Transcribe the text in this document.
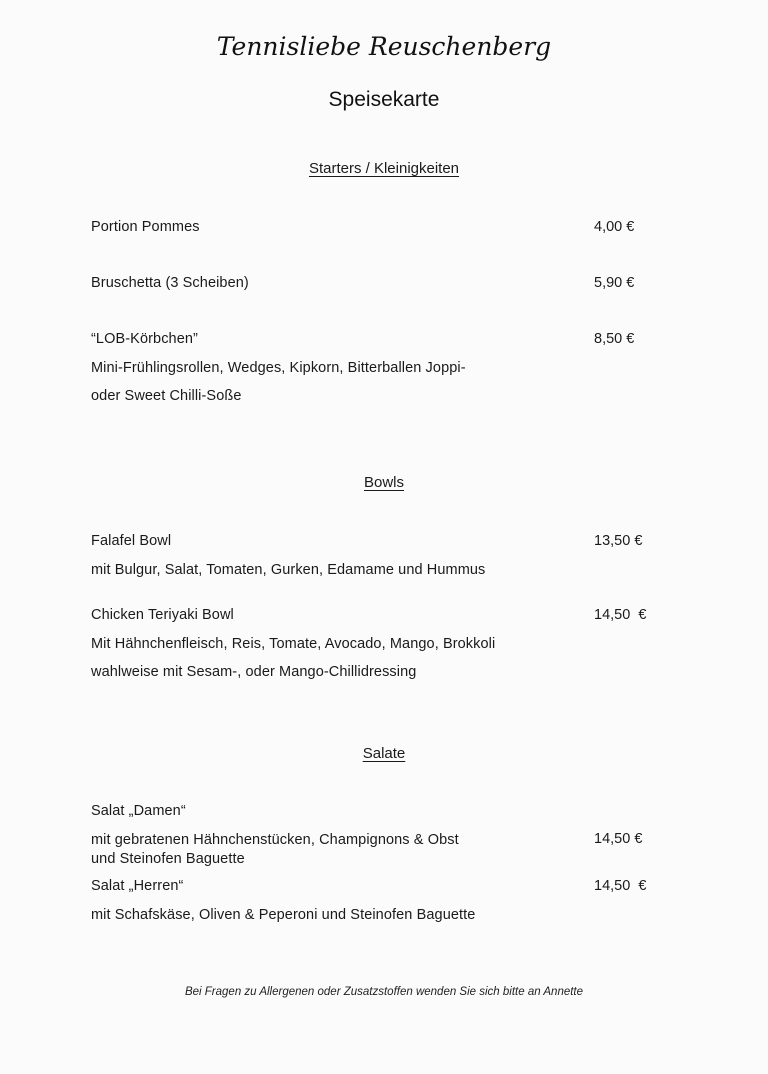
Tennisliebe Reuschenberg
Speisekarte
Starters / Kleinigkeiten
Portion Pommes	4,00 €
Bruschetta (3 Scheiben)	5,90 €
“LOB-Körbchen”	8,50 €
Mini-Frühlingsrollen, Wedges, Kipkorn, Bitterballen Joppi-
oder Sweet Chilli-Soße
Bowls
Falafel Bowl	13,50 €
mit Bulgur, Salat, Tomaten, Gurken, Edamame und Hummus
Chicken Teriyaki Bowl	14,50  €
Mit Hähnchenfleisch, Reis, Tomate, Avocado, Mango, Brokkoli
wahlweise mit Sesam-, oder Mango-Chillidressing
Salate
Salat „Damen“
mit gebratenen Hähnchenstücken, Champignons & Obst	14,50 €
und Steinofen Baguette
Salat „Herren“	14,50  €
mit Schafskäse, Oliven & Peperoni und Steinofen Baguette
Bei Fragen zu Allergenen oder Zusatzstoffen wenden Sie sich bitte an Annette
